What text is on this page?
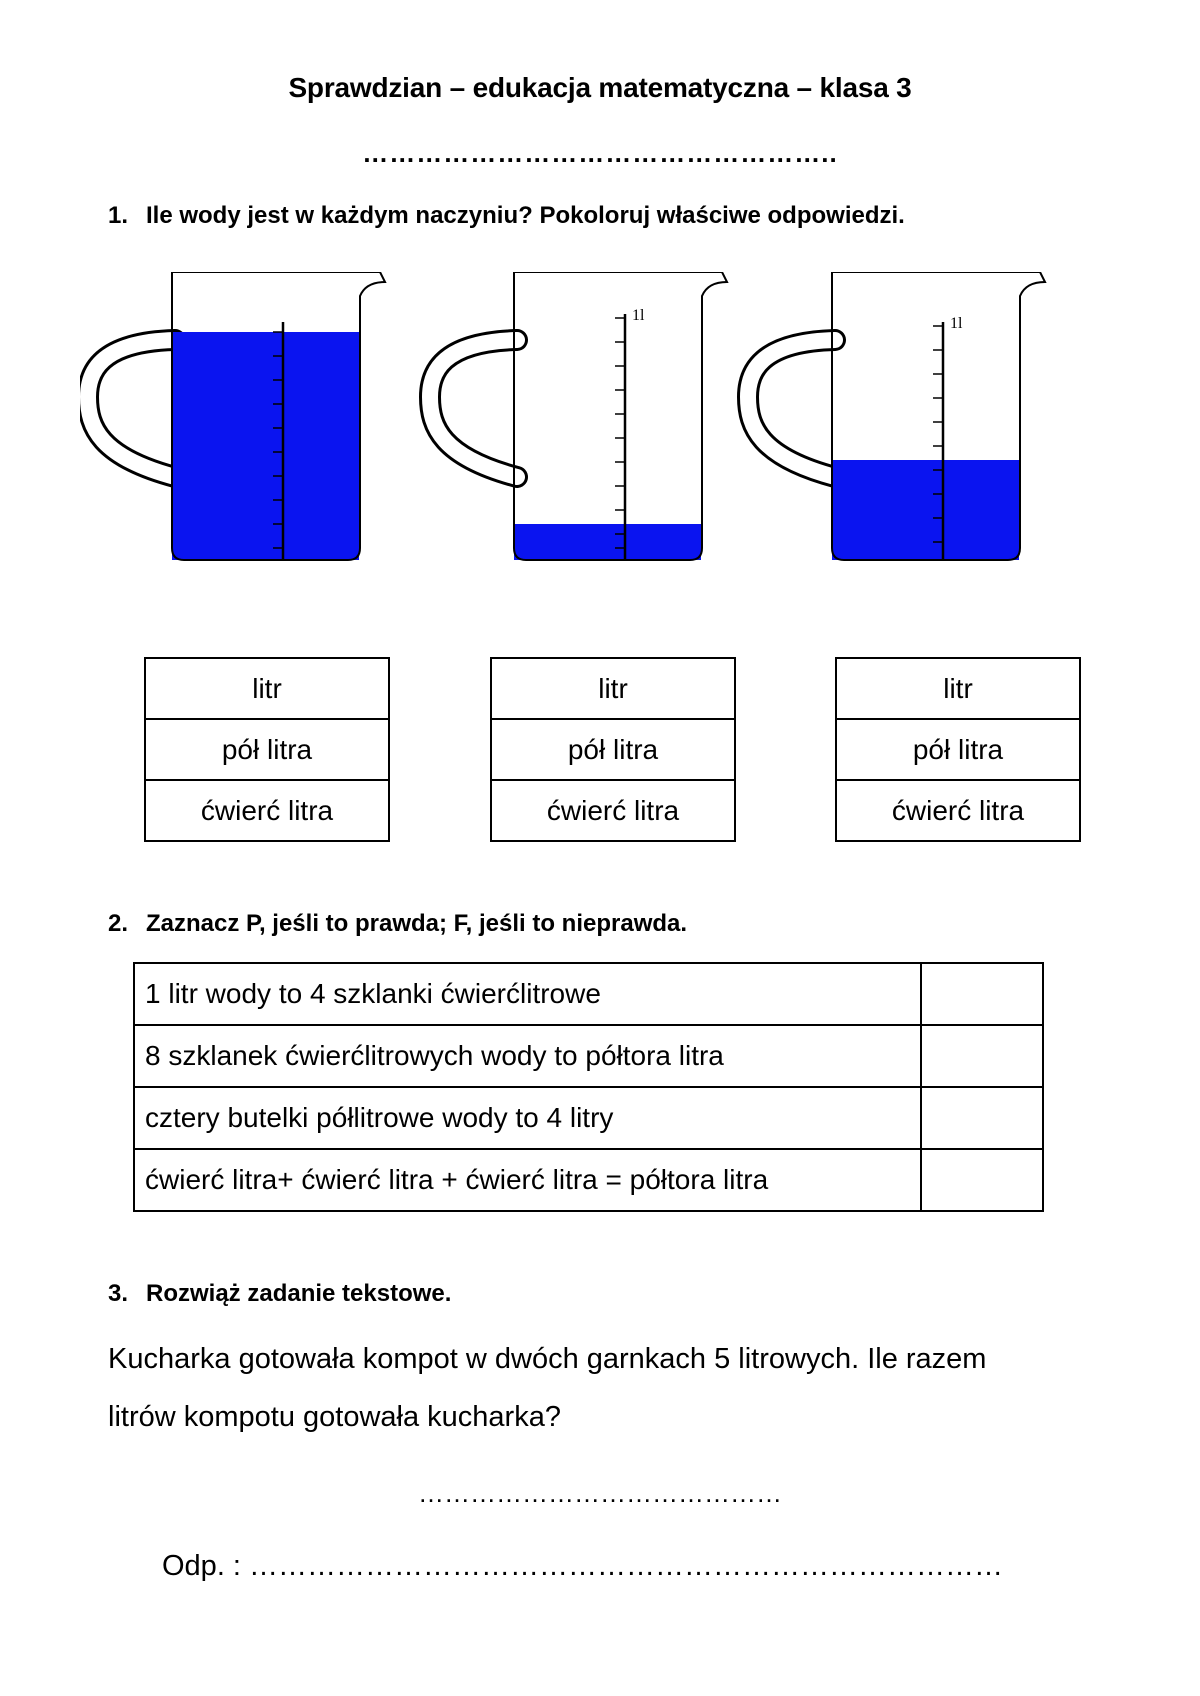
Sprawdzian – edukacja matematyczna – klasa 3
……………………………………………..
1. Ile wody jest w każdym naczyniu? Pokoloruj właściwe odpowiedzi.
1l	1l
litr
pół litra
ćwierć litra
litr
pół litra
ćwierć litra
litr
pół litra
ćwierć litra
2. Zaznacz P, jeśli to prawda; F, jeśli to nieprawda.
1 litr wody to 4 szklanki ćwierćlitrowe	
8 szklanek ćwierćlitrowych wody to półtora litra	
cztery butelki półlitrowe wody to 4 litry	
ćwierć litra+ ćwierć litra + ćwierć litra = półtora litra	
3. Rozwiąż zadanie tekstowe.
Kucharka gotowała kompot w dwóch garnkach 5 litrowych. Ile razem
litrów kompotu gotowała kucharka?
……………………………………
Odp. : ……………………………………………………………………
